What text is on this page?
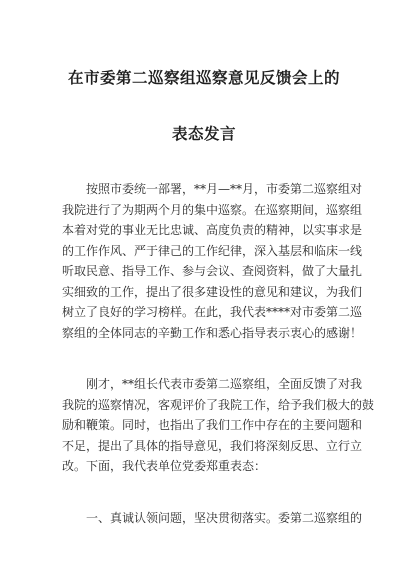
在市委第二巡察组巡察意见反馈会上的
表态发言
按照市委统一部署，**月—**月，市委第二巡察组对
我院进行了为期两个月的集中巡察。在巡察期间，巡察组
本着对党的事业无比忠诚、高度负责的精神，以实事求是
的工作作风、严于律己的工作纪律，深入基层和临床一线
听取民意、指导工作、参与会议、查阅资料，做了大量扎
实细致的工作，提出了很多建设性的意见和建议，为我们
树立了良好的学习榜样。在此，我代表****对市委第二巡
察组的全体同志的辛勤工作和悉心指导表示衷心的感谢！
刚才，**组长代表市委第二巡察组，全面反馈了对我
我院的巡察情况，客观评价了我院工作，给予我们极大的鼓
励和鞭策。同时，也指出了我们工作中存在的主要问题和
不足，提出了具体的指导意见，我们将深刻反思、立行立
改。下面，我代表单位党委郑重表态：
一、真诚认领问题，坚决贯彻落实。委第二巡察组的
